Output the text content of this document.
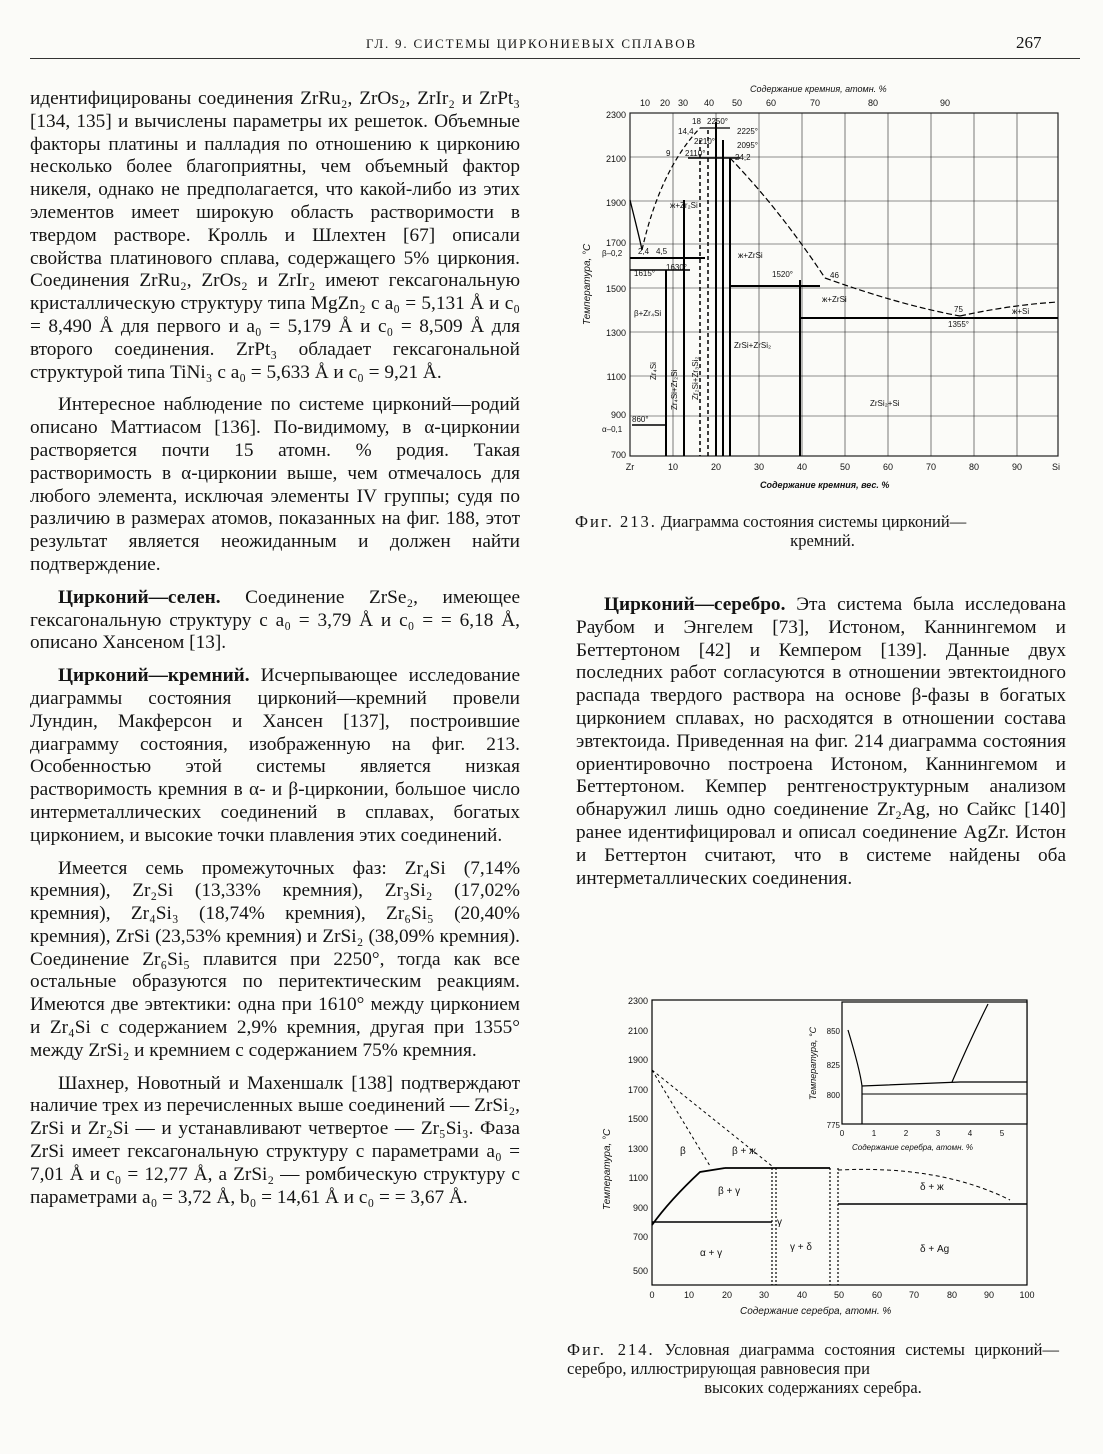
ГЛ. 9. СИСТЕМЫ ЦИРКОНИЕВЫХ СПЛАВОВ	267

идентифицированы соединения ZrRu₂, ZrOs₂, ZrIr₂ и ZrPt₃ [134, 135] и вычислены параметры их решеток. Объемные факторы платины и палладия по отношению к цирконию несколько более благоприятны, чем объемный фактор никеля, однако не предполагается, что какой-либо из этих элементов имеет широкую область растворимости в твердом растворе. Кролль и Шлехтен [67] описали свойства платинового сплава, содержащего 5% циркония. Соединения ZrRu₂, ZrOs₂ и ZrIr₂ имеют гексагональную кристаллическую структуру типа MgZn₂ с a₀ = 5,131 Å и c₀ = 8,490 Å для первого и a₀ = 5,179 Å и c₀ = 8,509 Å для второго соединения. ZrPt₃ обладает гексагональной структурой типа TiNi₃ с a₀ = 5,633 Å и c₀ = 9,21 Å.

Интересное наблюдение по системе цирконий—родий описано Маттиасом [136]. По-видимому, в α-цирконии растворяется почти 15 атомн. % родия. Такая растворимость в α-цирконии выше, чем отмечалось для любого элемента, исключая элементы IV группы; судя по различию в размерах атомов, показанных на фиг. 188, этот результат является неожиданным и должен найти подтверждение.

Цирконий—селен. Соединение ZrSe₂, имеющее гексагональную структуру с a₀ = 3,79 Å и c₀ = = 6,18 Å, описано Хансеном [13].

Цирконий—кремний. Исчерпывающее исследование диаграммы состояния цирконий—кремний провели Лундин, Макферсон и Хансен [137], построившие диаграмму состояния, изображенную на фиг. 213. Особенностью этой системы является низкая растворимость кремния в α- и β-цирконии, большое число интерметаллических соединений в сплавах, богатых цирконием, и высокие точки плавления этих соединений.

Имеется семь промежуточных фаз: Zr₄Si (7,14% кремния), Zr₂Si (13,33% кремния), Zr₃Si₂ (17,02% кремния), Zr₄Si₃ (18,74% кремния), Zr₆Si₅ (20,40% кремния), ZrSi (23,53% кремния) и ZrSi₂ (38,09% кремния). Соединение Zr₆Si₅ плавится при 2250°, тогда как все остальные образуются по перитектическим реакциям. Имеются две эвтектики: одна при 1610° между цирконием и Zr₄Si с содержанием 2,9% кремния, другая при 1355° между ZrSi₂ и кремнием с содержанием 75% кремния.

Шахнер, Новотный и Махеншалк [138] подтверждают наличие трех из перечисленных выше соединений — ZrSi₂, ZrSi и Zr₂Si — и устанавливают четвертое — Zr₅Si₃. Фаза ZrSi имеет гексагональную структуру с параметрами a₀ = 7,01 Å и c₀ = 12,77 Å, а ZrSi₂ — ромбическую структуру с параметрами a₀ = 3,72 Å, b₀ = 14,61 Å и c₀ = = 3,67 Å.

Содержание кремния, атомн. %
10 20 30 40 50	60	70	80	90
Температура, °С
2300
2100
1900
1700
1500
1300
1100
900
700
2250°
2225°
2210°
2110°
2095°
24,2
18
14,4
9
1520°	46
75
1355°
1615°
1630°
860°
2,4 4,5
β–0,2
α–0,1
ж+Zr₂Si
ж+ZrSi
ж+ZrSi
ж+Si
β+Zr₄Si
ZrSi+ZrSi₂
ZrSi₂+Si
Zr₄Si Zr₄Si+Zr₂Si Zr₂Si+Zr₃Si₂
Zr	10	20	30	40	50	60	70	80	90	Si
Содержание кремния, вес. %
Фиг. 213. Диаграмма состояния системы цирконий—
кремний.

Цирконий—серебро. Эта система была исследована Раубом и Энгелем [73], Истоном, Каннингемом и Беттертоном [42] и Кемпером [139]. Данные двух последних работ согласуются в отношении эвтектоидного распада твердого раствора на основе β-фазы в богатых цирконием сплавах, но расходятся в отношении состава эвтектоида. Приведенная на фиг. 214 диаграмма состояния ориентировочно построена Истоном, Каннингемом и Беттертоном. Кемпер рентгеноструктурным анализом обнаружил лишь одно соединение Zr₂Ag, но Сайкс [140] ранее идентифицировал и описал соединение AgZr. Истон и Беттертон считают, что в системе найдены оба интерметаллических соединения.

Температура, °С
2300
2100
1900
1700
1500
1300
1100
900
700
500
β	β + ж
β + γ
α + γ
γ
γ + δ
δ + ж
δ + Ag
0	10	20	30	40	50	60	70	80	90	100
Содержание серебра, атомн. %
850
825
800
775
Температура, °С
0	1	2	3	4	5
Содержание серебра, атомн. %
Фиг. 214. Условная диаграмма состояния системы цирконий—серебро, иллюстрирующая равновесия при
высоких содержаниях серебра.
